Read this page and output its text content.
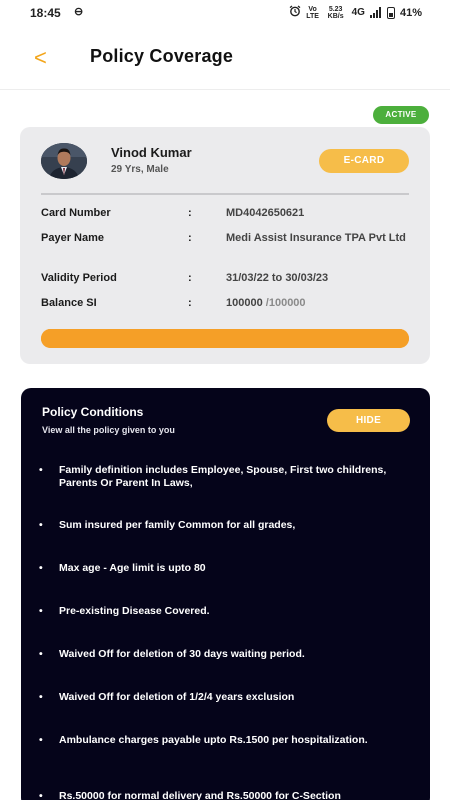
18:45 ⊖	Vo LTE
5.23 KB/s 4G	41%
<	Policy Coverage
ACTIVE
Vinod Kumar
29 Yrs, Male
E-CARD
Card Number	:	MD4042650621
Payer Name	:	Medi Assist Insurance TPA Pvt Ltd
Validity Period	:	31/03/22 to 30/03/23
Balance SI	:	100000 /100000
Policy Conditions
View all the policy given to you
HIDE
•	Family definition includes Employee, Spouse, First two childrens, Parents Or Parent In Laws,
•	Sum insured per family Common for all grades,
•	Max age - Age limit is upto 80
•	Pre-existing Disease Covered.
•	Waived Off for deletion of 30 days waiting period.
•	Waived Off for deletion of 1/2/4 years exclusion
•	Ambulance charges payable upto Rs.1500 per hospitalization.
•	Rs.50000 for normal delivery and Rs.50000 for C-Section
